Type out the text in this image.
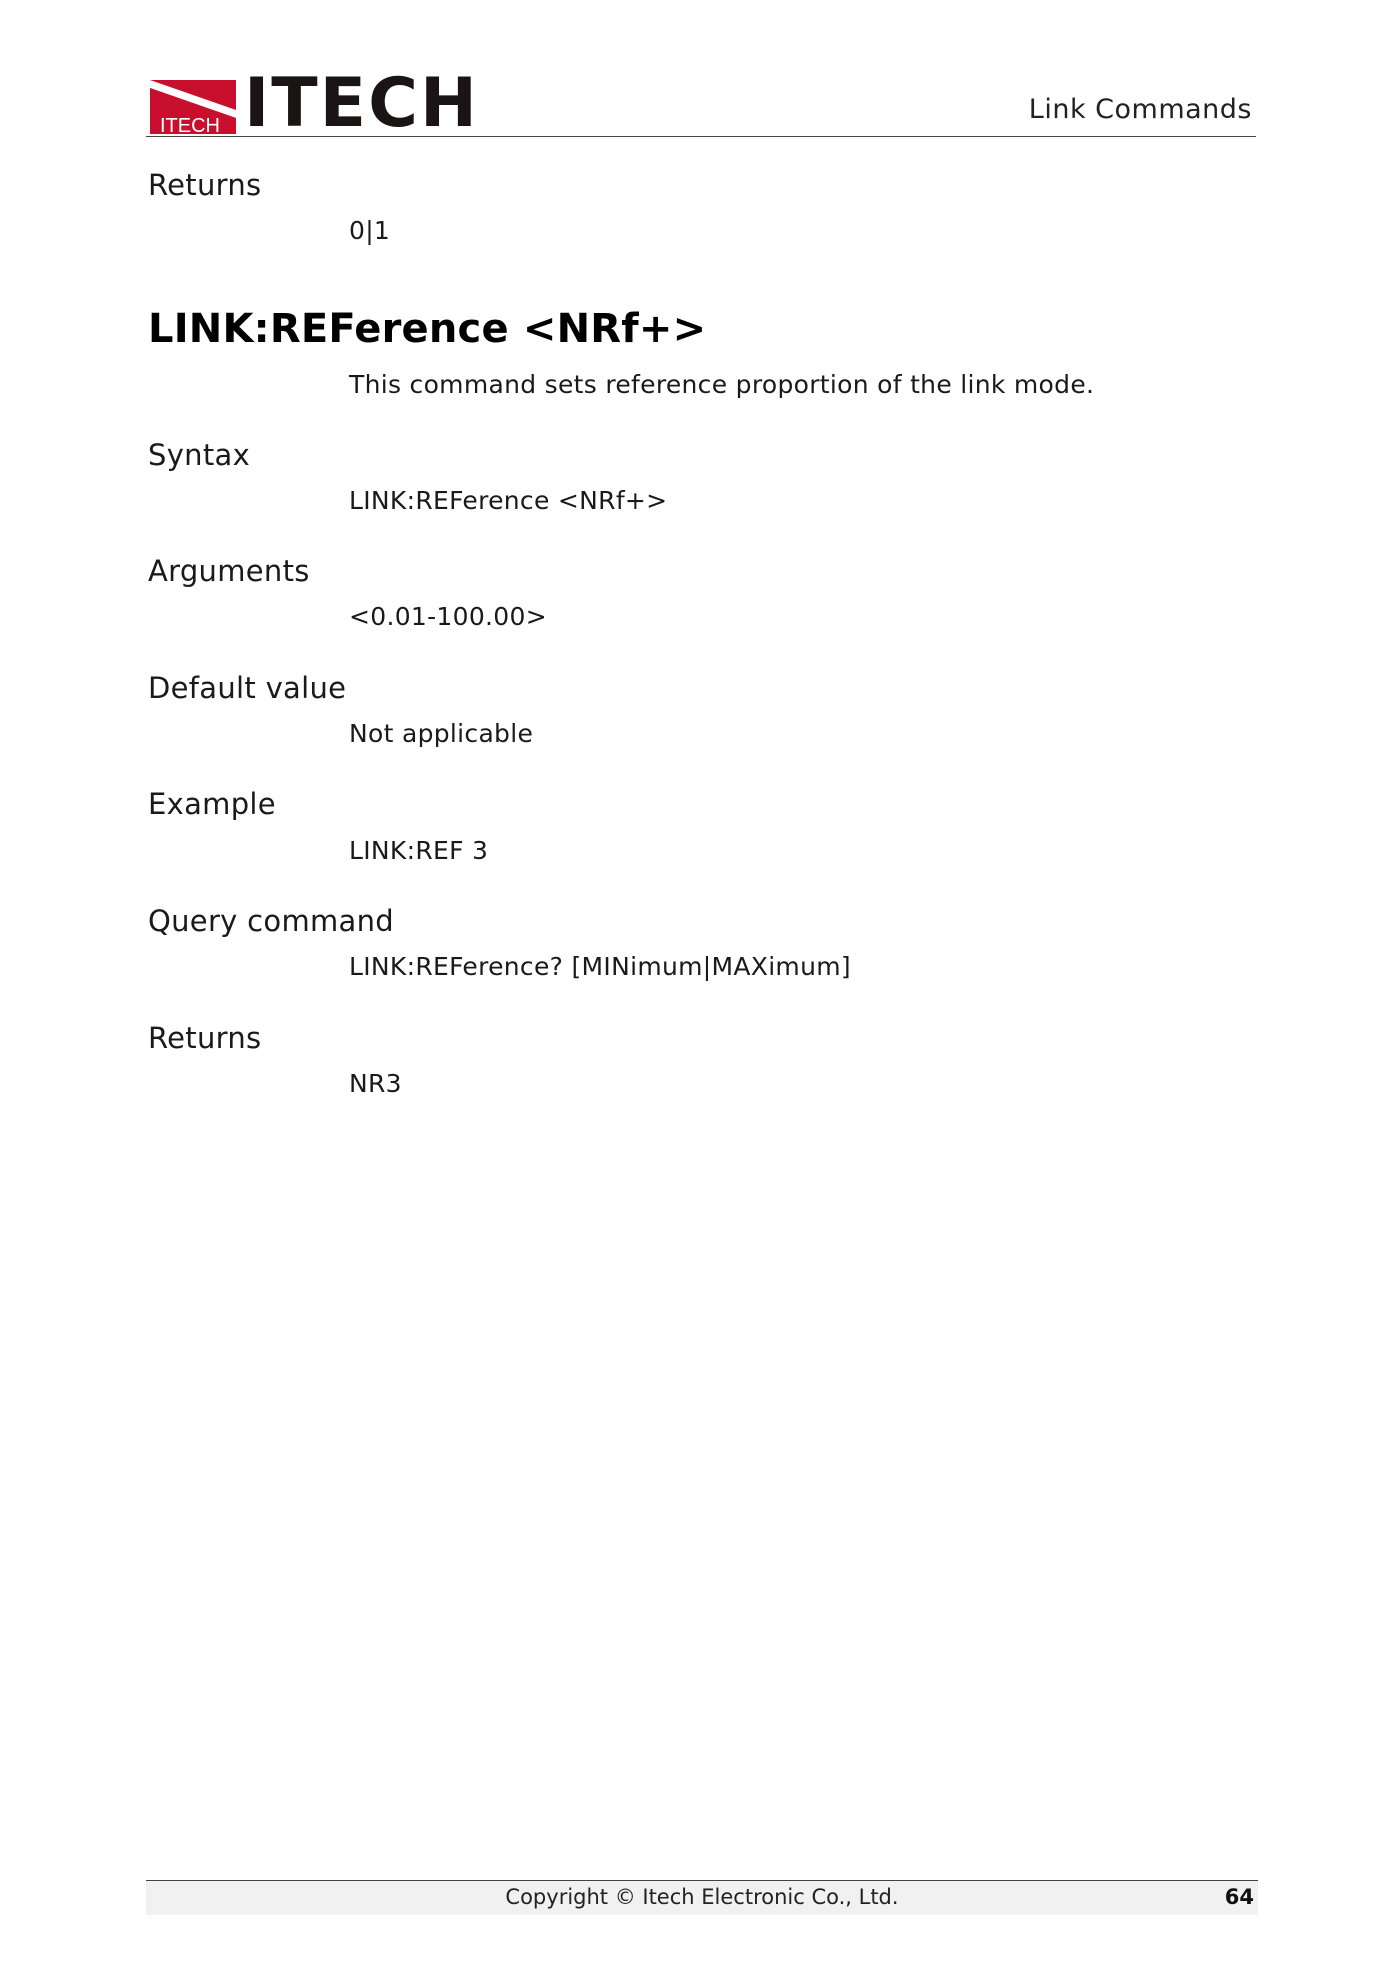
ITECH ITECH	Link Commands
Returns
0|1
LINK:REFerence <NRf+>
This command sets reference proportion of the link mode.
Syntax
LINK:REFerence <NRf+>
Arguments
<0.01-100.00>
Default value
Not applicable
Example
LINK:REF 3
Query command
LINK:REFerence? [MINimum|MAXimum]
Returns
NR3
Copyright © Itech Electronic Co., Ltd.	64
